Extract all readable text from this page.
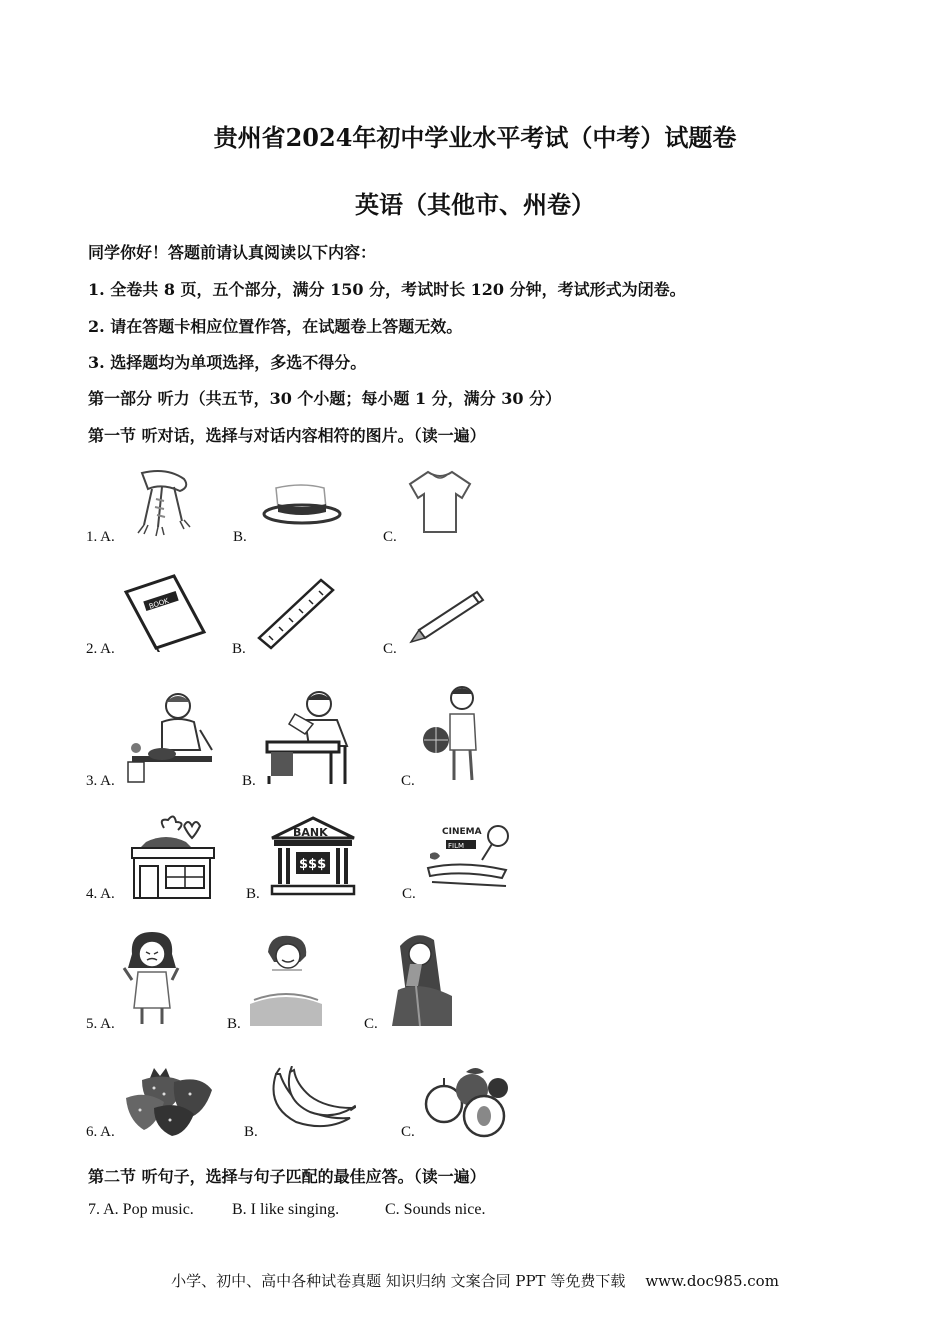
贵州省2024年初中学业水平考试（中考）试题卷
英语（其他市、州卷）
同学你好！答题前请认真阅读以下内容：
1. 全卷共 8 页，五个部分，满分 150 分，考试时长 120 分钟，考试形式为闭卷。
2. 请在答题卡相应位置作答，在试题卷上答题无效。
3. 选择题均为单项选择，多选不得分。
第一部分 听力（共五节，30 个小题；每小题 1 分，满分 30 分）
第一节 听对话，选择与对话内容相符的图片。（读一遍）
1. A.	B.	C.
2. A.
BOOK
B.	C.
3. A.	B.	C.
4. A.	B.
BANK
$$$
C.
CINEMA
FILM
5. A.	B.	C.
6. A.	B.	C.
第二节 听句子，选择与句子匹配的最佳应答。（读一遍）
7. A. Pop music. B. I like singing.	C. Sounds nice.
小学、初中、高中各种试卷真题 知识归纳 文案合同 PPT 等免费下载 www.doc985.com
